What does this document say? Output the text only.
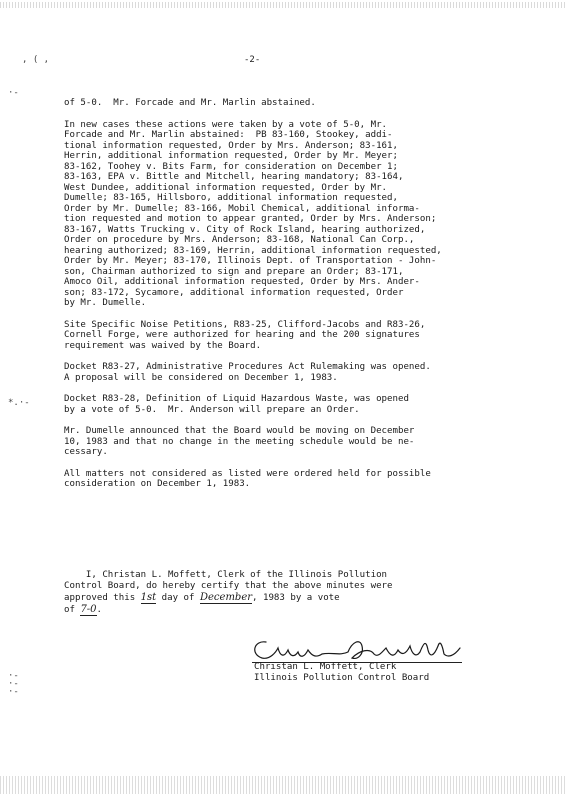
, ( ,
·-
*.·-
·-
·-
·-
-2-

of 5-0.  Mr. Forcade and Mr. Marlin abstained.

In new cases these actions were taken by a vote of 5-0, Mr.
Forcade and Mr. Marlin abstained:  PB 83-160, Stookey, addi-
tional information requested, Order by Mrs. Anderson; 83-161,
Herrin, additional information requested, Order by Mr. Meyer;
83-162, Toohey v. Bits Farm, for consideration on December 1;
83-163, EPA v. Bittle and Mitchell, hearing mandatory; 83-164,
West Dundee, additional information requested, Order by Mr.
Dumelle; 83-165, Hillsboro, additional information requested,
Order by Mr. Dumelle; 83-166, Mobil Chemical, additional informa-
tion requested and motion to appear granted, Order by Mrs. Anderson;
83-167, Watts Trucking v. City of Rock Island, hearing authorized,
Order on procedure by Mrs. Anderson; 83-168, National Can Corp.,
hearing authorized; 83-169, Herrin, additional information requested,
Order by Mr. Meyer; 83-170, Illinois Dept. of Transportation - John-
son, Chairman authorized to sign and prepare an Order; 83-171,
Amoco Oil, additional information requested, Order by Mrs. Ander-
son; 83-172, Sycamore, additional information requested, Order
by Mr. Dumelle.

Site Specific Noise Petitions, R83-25, Clifford-Jacobs and R83-26,
Cornell Forge, were authorized for hearing and the 200 signatures
requirement was waived by the Board.

Docket R83-27, Administrative Procedures Act Rulemaking was opened.
A proposal will be considered on December 1, 1983.

Docket R83-28, Definition of Liquid Hazardous Waste, was opened
by a vote of 5-0.  Mr. Anderson will prepare an Order.

Mr. Dumelle announced that the Board would be moving on December
10, 1983 and that no change in the meeting schedule would be ne-
cessary.

All matters not considered as listed were ordered held for possible
consideration on December 1, 1983.

I, Christan L. Moffett, Clerk of the Illinois Pollution
Control Board, do hereby certify that the above minutes were
approved this 1st day of December, 1983 by a vote
of 7-0.
Christan L. Moffett, Clerk
Illinois Pollution Control Board
